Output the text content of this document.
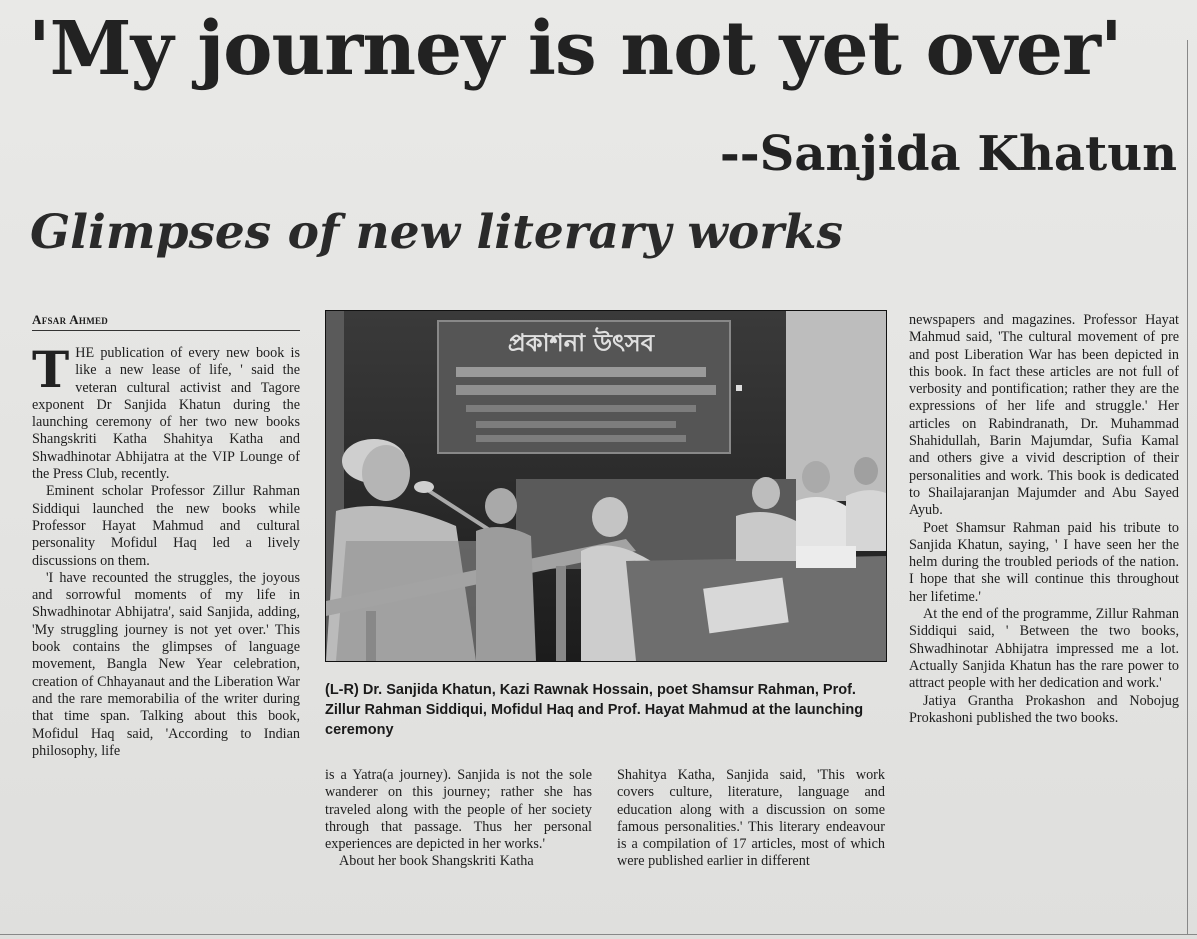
'My journey is not yet over'
--Sanjida Khatun
Glimpses of new literary works
Afsar Ahmed

THE publication of every new book is like a new lease of life, ' said the veteran cultural activist and Tagore exponent Dr Sanjida Khatun during the launching ceremony of her two new books Shangskriti Katha Shahitya Katha and Shwadhinotar Abhijatra at the VIP Lounge of the Press Club, recently.

Eminent scholar Professor Zillur Rahman Siddiqui launched the new books while Professor Hayat Mahmud and cultural personality Mofidul Haq led a lively discussions on them.

'I have recounted the struggles, the joyous and sorrowful moments of my life in Shwadhinotar Abhijatra', said Sanjida, adding, 'My struggling journey is not yet over.' This book contains the glimpses of language movement, Bangla New Year celebration, creation of Chhayanaut and the Liberation War and the rare memorabilia of the writer during that time span. Talking about this book, Mofidul Haq said, 'According to Indian philosophy, life

প্রকাশনা উৎসব
(L-R) Dr. Sanjida Khatun, Kazi Rawnak Hossain, poet Shamsur Rahman, Prof. Zillur Rahman Siddiqui, Mofidul Haq and Prof. Hayat Mahmud at the launching ceremony

is a Yatra(a journey). Sanjida is not the sole wanderer on this journey; rather she has traveled along with the people of her society through that passage. Thus her personal experiences are depicted in her works.'

About her book Shangskriti Katha

Shahitya Katha, Sanjida said, 'This work covers culture, literature, language and education along with a discussion on some famous personalities.' This literary endeavour is a compilation of 17 articles, most of which were published earlier in different

newspapers and magazines. Professor Hayat Mahmud said, 'The cultural movement of pre and post Liberation War has been depicted in this book. In fact these articles are not full of verbosity and pontification; rather they are the expressions of her life and struggle.' Her articles on Rabindranath, Dr. Muhammad Shahidullah, Barin Majumdar, Sufia Kamal and others give a vivid description of their personalities and work. This book is dedicated to Shailajaranjan Majumder and Abu Sayed Ayub.

Poet Shamsur Rahman paid his tribute to Sanjida Khatun, saying, ' I have seen her the helm during the troubled periods of the nation. I hope that she will continue this throughout her lifetime.'

At the end of the programme, Zillur Rahman Siddiqui said, ' Between the two books, Shwadhinotar Abhijatra impressed me a lot. Actually Sanjida Khatun has the rare power to attract people with her dedication and work.'

Jatiya Grantha Prokashon and Nobojug Prokashoni published the two books.
